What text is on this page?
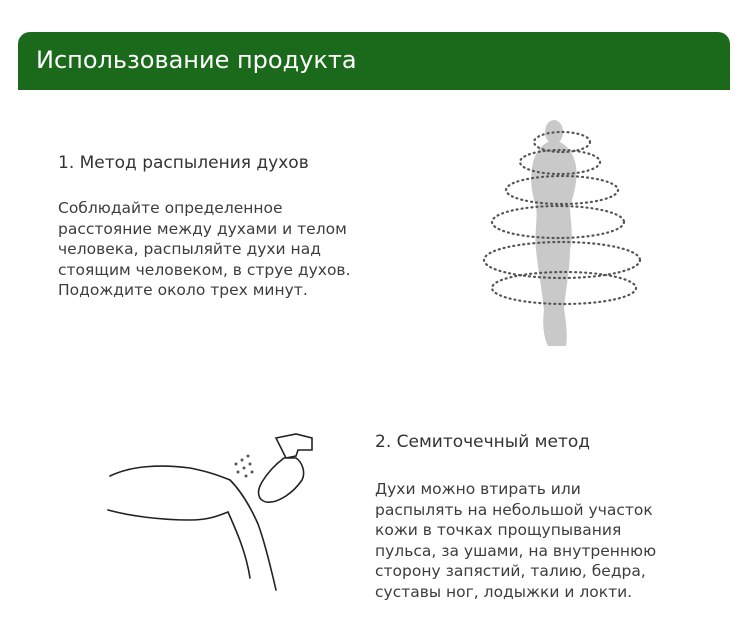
Использование продукта
1. Метод распыления духов
Соблюдайте определенное
расстояние между духами и телом
человека, распыляйте духи над
стоящим человеком, в струе духов.
Подождите около трех минут.
2. Семиточечный метод
Духи можно втирать или
распылять на небольшой участок
кожи в точках прощупывания
пульса, за ушами, на внутреннюю
сторону запястий, талию, бедра,
суставы ног, лодыжки и локти.
